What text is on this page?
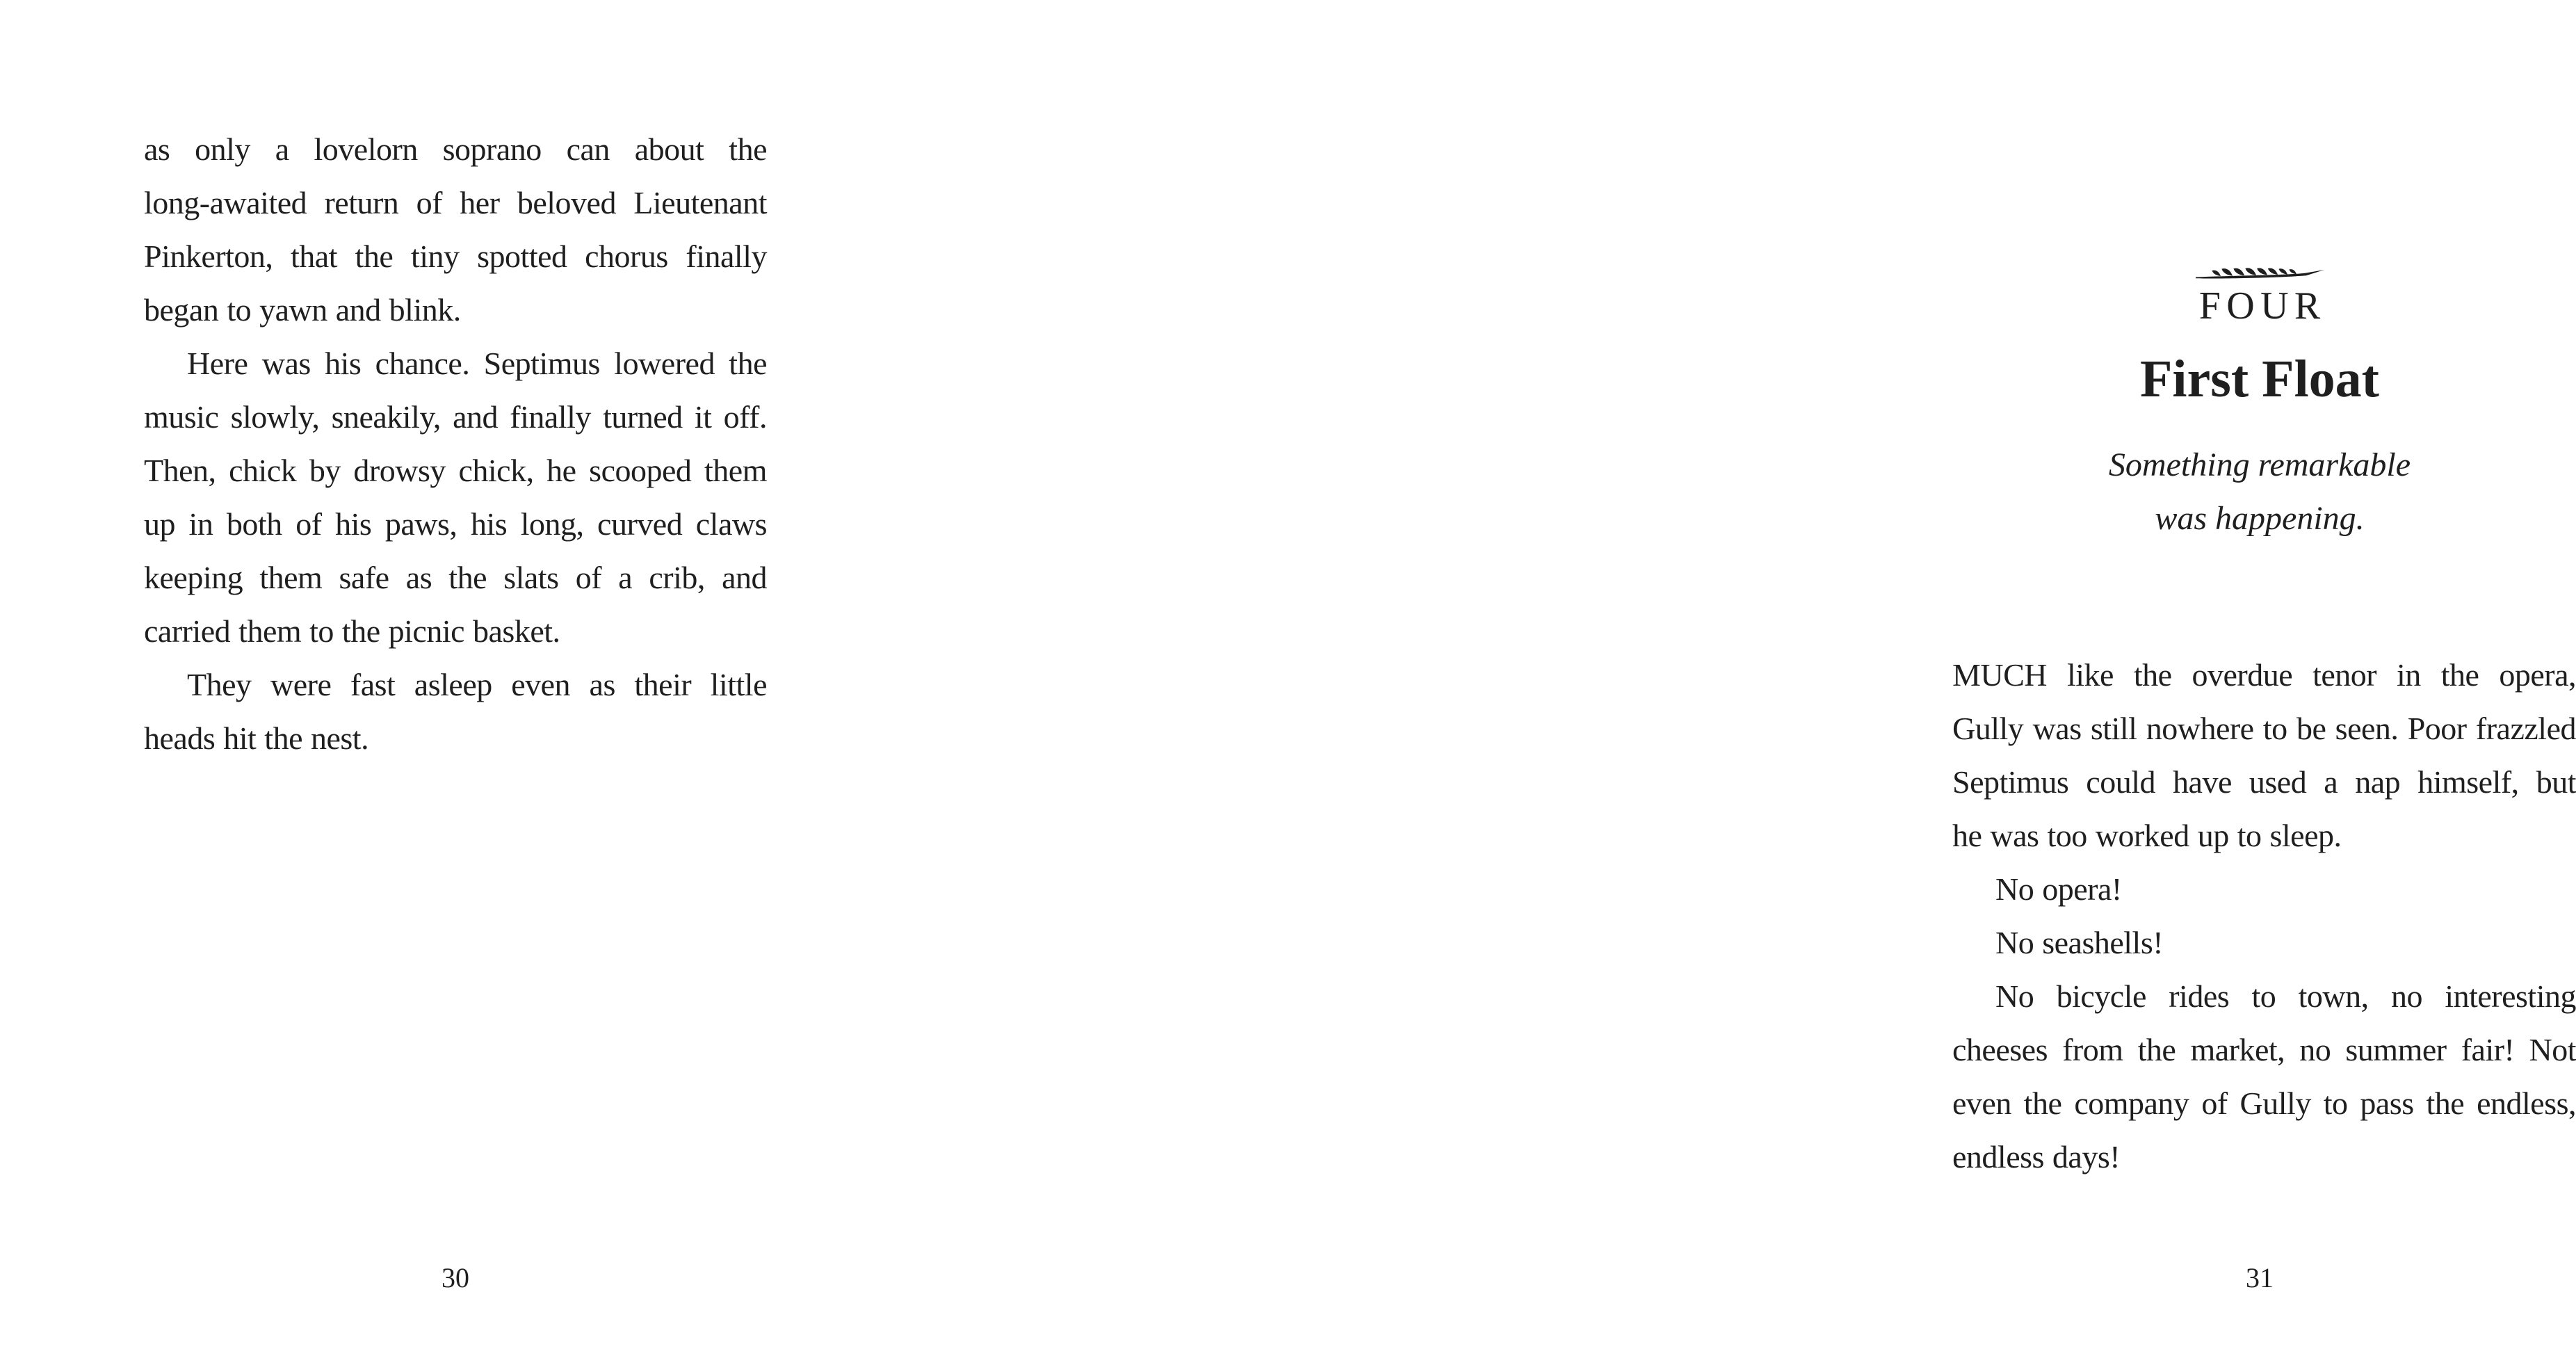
as only a lovelorn soprano can about the
long-awaited return of her beloved Lieutenant
Pinkerton, that the tiny spotted chorus finally
began to yawn and blink.
Here was his chance. Septimus lowered the
music slowly, sneakily, and finally turned it off.
Then, chick by drowsy chick, he scooped them
up in both of his paws, his long, curved claws
keeping them safe as the slats of a crib, and
carried them to the picnic basket.
They were fast asleep even as their little
heads hit the nest.
30
FOUR
First Float
Something remarkable
was happening.
MUCH like the overdue tenor in the opera,
Gully was still nowhere to be seen. Poor frazzled
Septimus could have used a nap himself, but
he was too worked up to sleep.
No opera!
No seashells!
No bicycle rides to town, no interesting
cheeses from the market, no summer fair! Not
even the company of Gully to pass the endless,
endless days!
31
